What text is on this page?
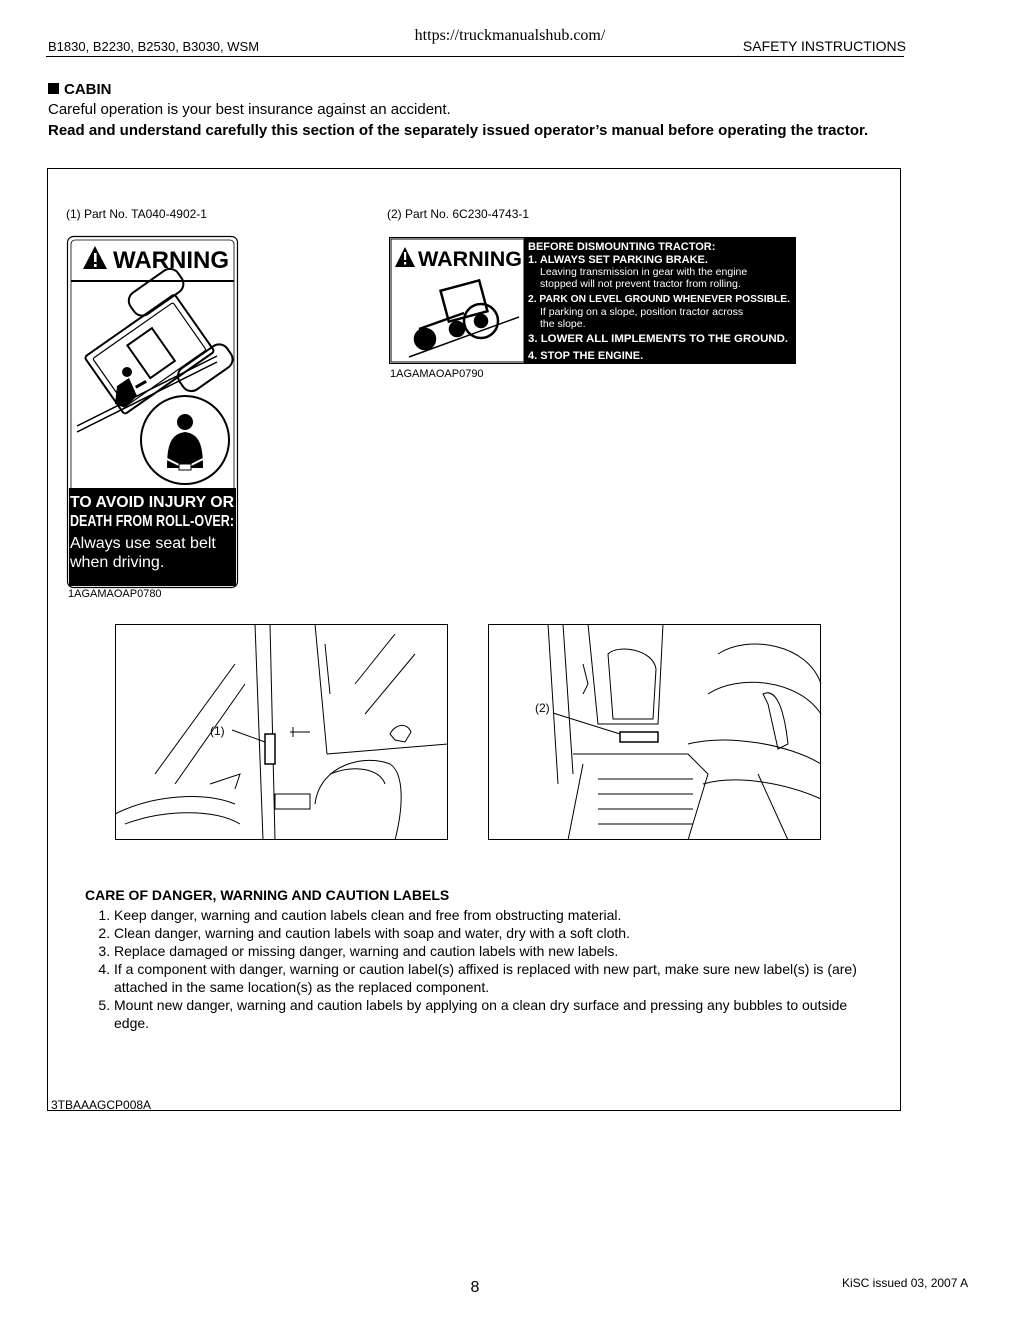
https://truckmanualshub.com/
B1830, B2230, B2530, B3030, WSM	SAFETY INSTRUCTIONS
CABIN
Careful operation is your best insurance against an accident.
Read and understand carefully this section of the separately issued operator’s manual before operating the tractor.
(1) Part No. TA040-4902-1	(2) Part No. 6C230-4743-1
WARNING
TO AVOID INJURY OR
DEATH FROM ROLL-OVER:
Always use seat belt
when driving.
1AGAMAOAP0780
WARNING
BEFORE DISMOUNTING TRACTOR:
1. ALWAYS SET PARKING BRAKE.
Leaving transmission in gear with the engine
stopped will not prevent tractor from rolling.
2. PARK ON LEVEL GROUND WHENEVER POSSIBLE.
If parking on a slope, position tractor across
the slope.
3. LOWER ALL IMPLEMENTS TO THE GROUND.
4. STOP THE ENGINE.
1AGAMAOAP0790
(1)
(2)
CARE OF DANGER, WARNING AND CAUTION LABELS
1. Keep danger, warning and caution labels clean and free from obstructing material.
2. Clean danger, warning and caution labels with soap and water, dry with a soft cloth.
3. Replace damaged or missing danger, warning and caution labels with new labels.
4. If a component with danger, warning or caution label(s) affixed is replaced with new part, make sure new label(s) is (are) attached in the same location(s) as the replaced component.
5. Mount new danger, warning and caution labels by applying on a clean dry surface and pressing any bubbles to outside edge.
3TBAAAGCP008A
8	KiSC issued 03, 2007 A
